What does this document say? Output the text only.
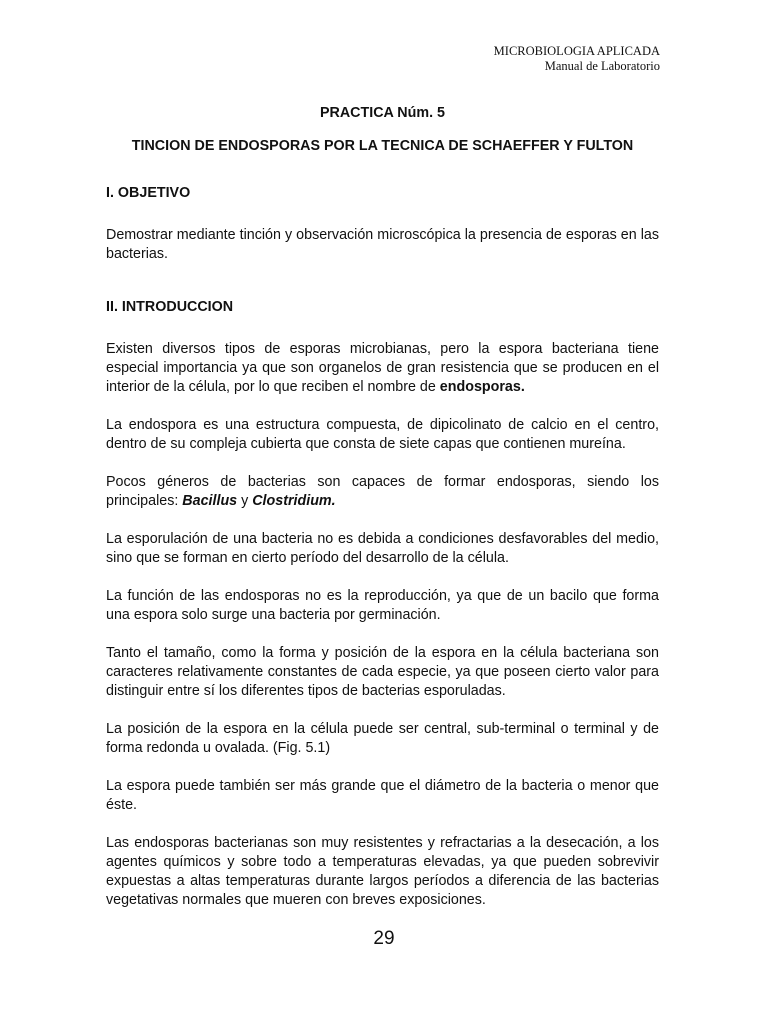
MICROBIOLOGIA APLICADA
Manual de Laboratorio
PRACTICA Núm. 5
TINCION DE ENDOSPORAS POR LA TECNICA DE SCHAEFFER Y FULTON
I. OBJETIVO

Demostrar mediante tinción y observación microscópica la presencia de esporas en las bacterias.

II. INTRODUCCION

Existen diversos tipos de esporas microbianas, pero la espora bacteriana tiene especial importancia ya que son organelos de gran resistencia que se producen en el interior de la célula, por lo que reciben el nombre de endosporas.

La endospora es una estructura compuesta, de dipicolinato de calcio en el centro, dentro de su compleja cubierta que consta de siete capas que contienen mureína.

Pocos géneros de bacterias son capaces de formar endosporas, siendo los principales: Bacillus y Clostridium.

La esporulación de una bacteria no es debida a condiciones desfavorables del medio, sino que se forman en cierto período del desarrollo de la célula.

La función de las endosporas no es la reproducción, ya que de un bacilo que forma una espora solo surge una bacteria por germinación.

Tanto el tamaño, como la forma y posición de la espora en la célula bacteriana son caracteres relativamente constantes de cada especie, ya que poseen cierto valor para distinguir entre sí los diferentes tipos de bacterias esporuladas.

La posición de la espora en la célula puede ser central, sub-terminal o terminal y de forma redonda u ovalada. (Fig. 5.1)

La espora puede también ser más grande que el diámetro de la bacteria o menor que éste.

Las endosporas bacterianas son muy resistentes y refractarias a la desecación, a los agentes químicos y sobre todo a temperaturas elevadas, ya que pueden sobrevivir expuestas a altas temperaturas durante largos períodos a diferencia de las bacterias vegetativas normales que mueren con breves exposiciones.

29
